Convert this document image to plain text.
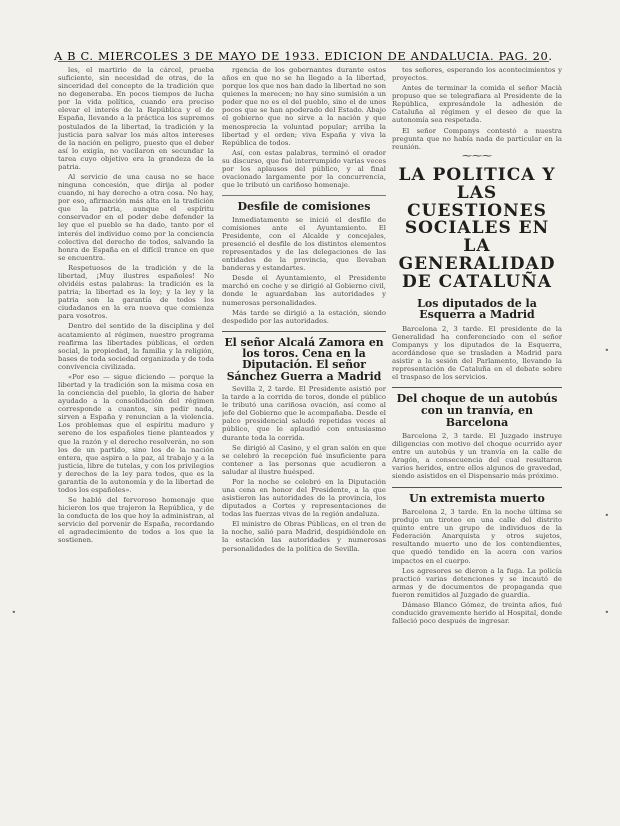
A B C. MIERCOLES 3 DE MAYO DE 1933. EDICION DE ANDALUCIA. PAG. 20.

les, el martirio de la cárcel, prueba suficiente, sin necesidad de otras, de la sinceridad del concepto de la tradición que no degeneraba. En pocos tiempos de lucha por la vida política, cuando era preciso elevar el interés de la República y el de España, llevando a la práctica los supremos postulados de la libertad, la tradición y la justicia para salvar los más altos intereses de la nación en peligro, puesto que el deber así lo exigía, no vacilaron en secundar la tarea cuyo objetivo era la grandeza de la patria.

Al servicio de una causa no se hace ninguna concesión, que dirija al poder cuando, ni hay derecho a otra cosa. No hay, por eso, afirmación más alta en la tradición que la patria, aunque el espíritu conservador en el poder debe defender la ley que el pueblo se ha dado, tanto por el interés del individuo como por la conciencia colectiva del derecho de todos, salvando la honra de España en el difícil trance en que se encuentra.

Respetuosos de la tradición y de la libertad, ¡Muy ilustres españoles! No olvidéis estas palabras: la tradición es la patria; la libertad es la ley; y la ley y la patria son la garantía de todos los ciudadanos en la era nueva que comienza para vosotros.

Dentro del sentido de la disciplina y del acatamiento al régimen, nuestro programa reafirma las libertades públicas, el orden social, la propiedad, la familia y la religión, bases de toda sociedad organizada y de toda convivencia civilizada.

«Por eso — sigue diciendo — porque la libertad y la tradición son la misma cosa en la conciencia del pueblo, la gloria de haber ayudado a la consolidación del régimen corresponde a cuantos, sin pedir nada, sirven a España y renuncian a la violencia. Los problemas que el espíritu maduro y sereno de los españoles tiene planteados y que la razón y el derecho resolverán, no son los de un partido, sino los de la nación entera, que aspira a la paz, al trabajo y a la justicia, libre de tutelas, y con los privilegios y derechos de la ley para todos, que es la garantía de la autonomía y de la libertad de todos los españoles».

Se habló del fervoroso homenaje que hicieron los que trajeron la República, y de la conducta de los que hoy la administran, al servicio del porvenir de España, recordando el agradecimiento de todos a los que la sostienen.

rgencia de los gobernantes durante estos años en que no se ha llegado a la libertad, porque los que nos han dado la libertad no son quienes la merecen; no hay sino sumisión a un poder que no es el del pueblo, sino el de unos pocos que se han apoderado del Estado. Abajo el gobierno que no sirve a la nación y que menosprecia la voluntad popular; arriba la libertad y el orden; viva España y viva la República de todos.

Así, con estas palabras, terminó el orador su discurso, que fué interrumpido varias veces por los aplausos del público, y al final ovacionado largamente por la concurrencia, que le tributó un cariñoso homenaje.

Desfile de comisiones

Inmediatamente se inició el desfile de comisiones ante el Ayuntamiento. El Presidente, con el Alcalde y concejales, presenció el desfile de los distintos elementos representados y de las delegaciones de las entidades de la provincia, que llevaban banderas y estandartes.

Desde el Ayuntamiento, el Presidente marchó en coche y se dirigió al Gobierno civil, donde le aguardaban las autoridades y numerosas personalidades.

Más tarde se dirigió a la estación, siendo despedido por las autoridades.

El señor Alcalá Zamora en los toros. Cena en la Diputación. El señor Sánchez Guerra a Madrid

Sevilla 2, 2 tarde. El Presidente asistió por la tarde a la corrida de toros, donde el público le tributó una cariñosa ovación, así como al jefe del Gobierno que le acompañaba. Desde el palco presidencial saludó repetidas veces al público, que le aplaudió con entusiasmo durante toda la corrida.

Se dirigió al Casino, y el gran salón en que se celebró la recepción fué insuficiente para contener a las personas que acudieron a saludar al ilustre huésped.

Por la noche se celebró en la Diputación una cena en honor del Presidente, a la que asistieron las autoridades de la provincia, los diputados a Cortes y representaciones de todas las fuerzas vivas de la región andaluza.

El ministro de Obras Públicas, en el tren de la noche, salió para Madrid, despidiéndole en la estación las autoridades y numerosas personalidades de la política de Sevilla.

tes señores, esperando los acontecimientos y proyectos.

Antes de terminar la comida el señor Macià propuso que se telegrafiara al Presidente de la República, expresándole la adhesión de Cataluña al régimen y el deseo de que la autonomía sea respetada.

El señor Companys contestó a nuestra pregunta que no había nada de particular en la reunión.

⁓⁓⁓
LA POLITICA Y LAS CUESTIONES SOCIALES EN LA GENERALIDAD DE CATALUÑA
Los diputados de la Esquerra a Madrid

Barcelona 2, 3 tarde. El presidente de la Generalidad ha conferenciado con el señor Companys y los diputados de la Esquerra, acordándose que se trasladen a Madrid para asistir a la sesión del Parlamento, llevando la representación de Cataluña en el debate sobre el traspaso de los servicios.

Del choque de un autobús con un tranvía, en Barcelona

Barcelona 2, 3 tarde. El Juzgado instruye diligencias con motivo del choque ocurrido ayer entre un autobús y un tranvía en la calle de Aragón, a consecuencia del cual resultaron varios heridos, entre ellos algunos de gravedad, siendo asistidos en el Dispensario más próximo.

Un extremista muerto

Barcelona 2, 3 tarde. En la noche última se produjo un tiroteo en una calle del distrito quinto entre un grupo de individuos de la Federación Anarquista y otros sujetos, resultando muerto uno de los contendientes, que quedó tendido en la acera con varios impactos en el cuerpo.

Los agresores se dieron a la fuga. La policía practicó varias detenciones y se incautó de armas y de documentos de propaganda que fueron remitidos al Juzgado de guardia.

Dámaso Blanco Gómez, de treinta años, fué conducido gravemente herido al Hospital, donde falleció poco después de ingresar.

·
·
·
·
